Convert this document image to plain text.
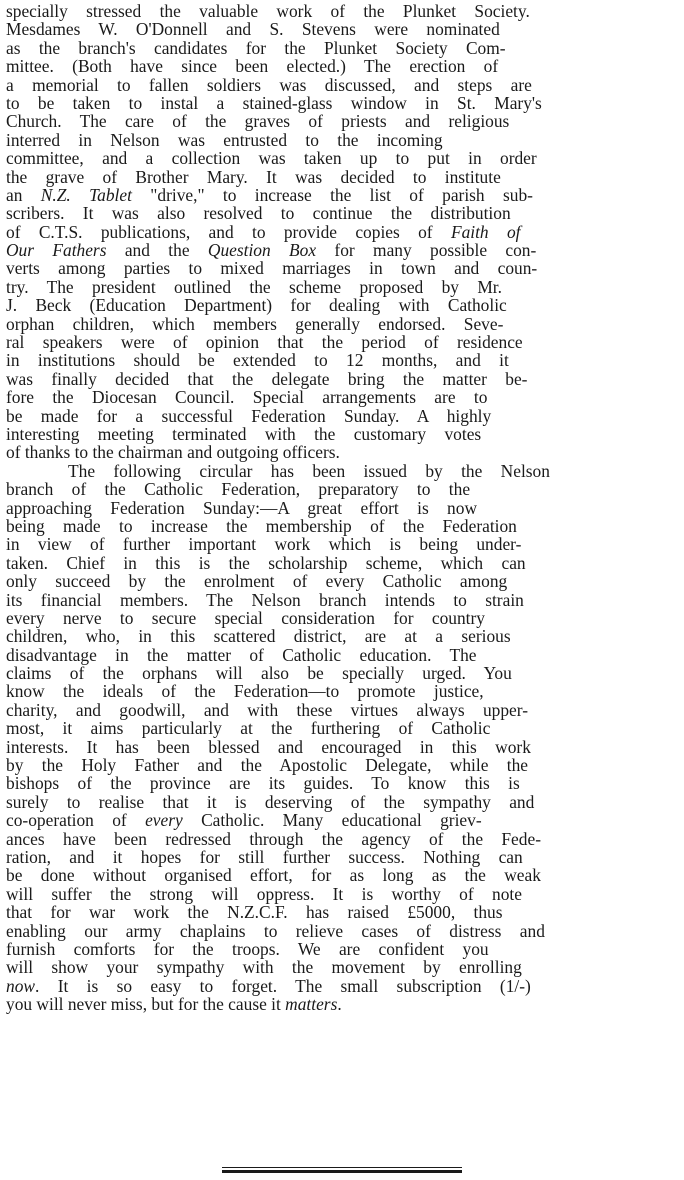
specially stressed the valuable work of the Plunket Society.
Mesdames W. O'Donnell and S. Stevens were nominated
as the branch's candidates for the Plunket Society Com-
mittee. (Both have since been elected.) The erection of
a memorial to fallen soldiers was discussed, and steps are
to be taken to instal a stained-glass window in St. Mary's
Church. The care of the graves of priests and religious
interred in Nelson was entrusted to the incoming
committee, and a collection was taken up to put in order
the grave of Brother Mary. It was decided to institute
an N.Z. Tablet "drive," to increase the list of parish sub-
scribers. It was also resolved to continue the distribution
of C.T.S. publications, and to provide copies of Faith of
Our Fathers and the Question Box for many possible con-
verts among parties to mixed marriages in town and coun-
try. The president outlined the scheme proposed by Mr.
J. Beck (Education Department) for dealing with Catholic
orphan children, which members generally endorsed. Seve-
ral speakers were of opinion that the period of residence
in institutions should be extended to 12 months, and it
was finally decided that the delegate bring the matter be-
fore the Diocesan Council. Special arrangements are to
be made for a successful Federation Sunday. A highly
interesting meeting terminated with the customary votes
of thanks to the chairman and outgoing officers.

The following circular has been issued by the Nelson
branch of the Catholic Federation, preparatory to the
approaching Federation Sunday:—A great effort is now
being made to increase the membership of the Federation
in view of further important work which is being under-
taken. Chief in this is the scholarship scheme, which can
only succeed by the enrolment of every Catholic among
its financial members. The Nelson branch intends to strain
every nerve to secure special consideration for country
children, who, in this scattered district, are at a serious
disadvantage in the matter of Catholic education. The
claims of the orphans will also be specially urged. You
know the ideals of the Federation—to promote justice,
charity, and goodwill, and with these virtues always upper-
most, it aims particularly at the furthering of Catholic
interests. It has been blessed and encouraged in this work
by the Holy Father and the Apostolic Delegate, while the
bishops of the province are its guides. To know this is
surely to realise that it is deserving of the sympathy and
co-operation of every Catholic. Many educational griev-
ances have been redressed through the agency of the Fede-
ration, and it hopes for still further success. Nothing can
be done without organised effort, for as long as the weak
will suffer the strong will oppress. It is worthy of note
that for war work the N.Z.C.F. has raised £5000, thus
enabling our army chaplains to relieve cases of distress and
furnish comforts for the troops. We are confident you
will show your sympathy with the movement by enrolling
now. It is so easy to forget. The small subscription (1/-)
you will never miss, but for the cause it matters.
